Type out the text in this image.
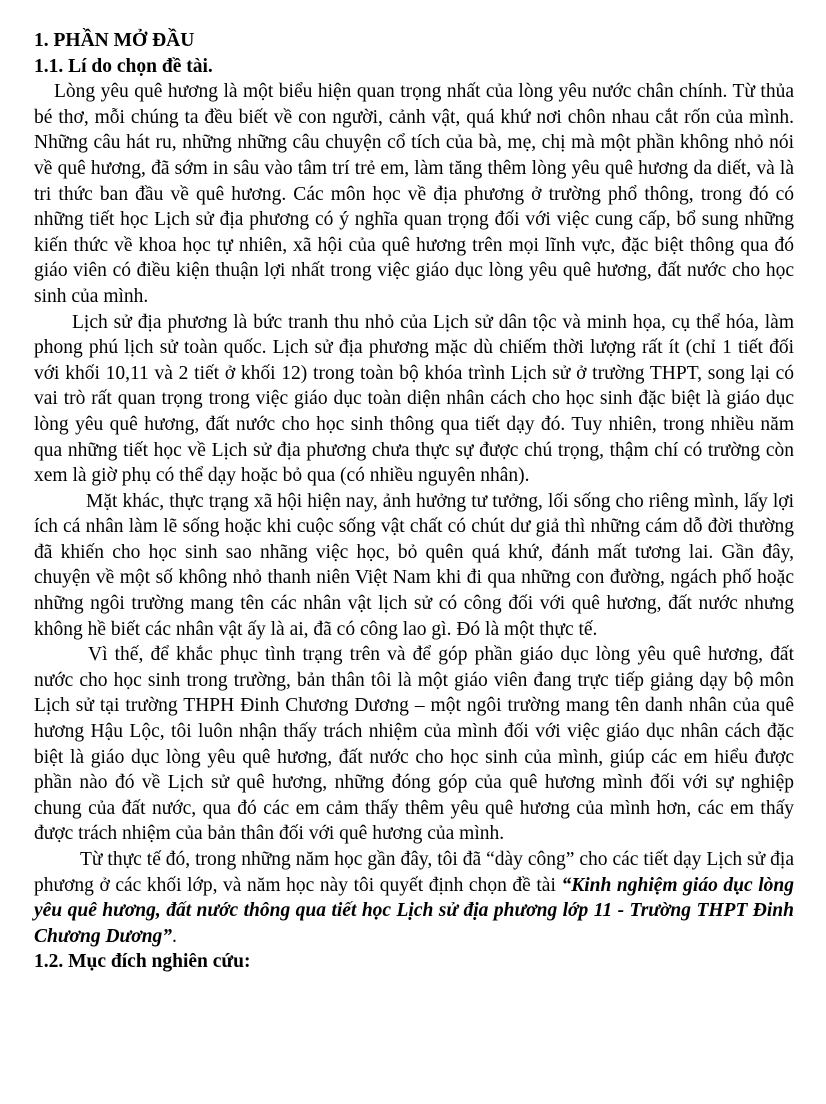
1. PHẦN MỞ ĐẦU
1.1. Lí do chọn đề tài.

Lòng yêu quê hương là một biểu hiện quan trọng nhất của lòng yêu nước chân chính. Từ thủa bé thơ, mỗi chúng ta đều biết về con người, cảnh vật, quá khứ nơi chôn nhau cắt rốn của mình. Những câu hát ru, những những câu chuyện cổ tích của bà, mẹ, chị mà một phần không nhỏ nói về quê hương, đã sớm in sâu vào tâm trí trẻ em, làm tăng thêm lòng yêu quê hương da diết, và là tri thức ban đầu về quê hương. Các môn học về địa phương ở trường phổ thông, trong đó có những tiết học Lịch sử địa phương có ý nghĩa quan trọng đối với việc cung cấp, bổ sung những kiến thức về khoa học tự nhiên, xã hội của quê hương trên mọi lĩnh vực, đặc biệt thông qua đó giáo viên có điều kiện thuận lợi nhất trong việc giáo dục lòng yêu quê hương, đất nước cho học sinh của mình.

Lịch sử địa phương là bức tranh thu nhỏ của Lịch sử dân tộc và minh họa, cụ thể hóa, làm phong phú lịch sử toàn quốc. Lịch sử địa phương mặc dù chiếm thời lượng rất ít (chỉ 1 tiết đối với khối 10,11 và 2 tiết ở khối 12) trong toàn bộ khóa trình Lịch sử ở trường THPT, song lại có vai trò rất quan trọng trong việc giáo dục toàn diện nhân cách cho học sinh đặc biệt là giáo dục lòng yêu quê hương, đất nước cho học sinh thông qua tiết dạy đó. Tuy nhiên, trong nhiều năm qua những tiết học về Lịch sử địa phương chưa thực sự được chú trọng, thậm chí có trường còn xem là giờ phụ có thể dạy hoặc bỏ qua (có nhiều nguyên nhân).

Mặt khác, thực trạng xã hội hiện nay, ảnh hưởng tư tưởng, lối sống cho riêng mình, lấy lợi ích cá nhân làm lẽ sống hoặc khi cuộc sống vật chất có chút dư giả thì những cám dỗ đời thường đã khiến cho học sinh sao nhãng việc học, bỏ quên quá khứ, đánh mất tương lai. Gần đây, chuyện về một số không nhỏ thanh niên Việt Nam khi đi qua những con đường, ngách phố hoặc những ngôi trường mang tên các nhân vật lịch sử có công đối với quê hương, đất nước nhưng không hề biết các nhân vật ấy là ai, đã có công lao gì. Đó là một thực tế.

Vì thế, để khắc phục tình trạng trên và để góp phần giáo dục lòng yêu quê hương, đất nước cho học sinh trong trường, bản thân tôi là một giáo viên đang trực tiếp giảng dạy bộ môn Lịch sử tại trường THPH Đinh Chương Dương – một ngôi trường mang tên danh nhân của quê hương Hậu Lộc, tôi luôn nhận thấy trách nhiệm của mình đối với việc giáo dục nhân cách đặc biệt là giáo dục lòng yêu quê hương, đất nước cho học sinh của mình, giúp các em hiểu được phần nào đó về Lịch sử quê hương, những đóng góp của quê hương mình đối với sự nghiệp chung của đất nước, qua đó các em cảm thấy thêm yêu quê hương của mình hơn, các em thấy được trách nhiệm của bản thân đối với quê hương của mình.

Từ thực tế đó, trong những năm học gần đây, tôi đã “dày công” cho các tiết dạy Lịch sử địa phương ở các khối lớp, và năm học này tôi quyết định chọn đề tài “Kinh nghiệm giáo dục lòng yêu quê hương, đất nước thông qua tiết học Lịch sử địa phương lớp 11 - Trường THPT Đinh Chương Dương”.

1.2. Mục đích nghiên cứu:
